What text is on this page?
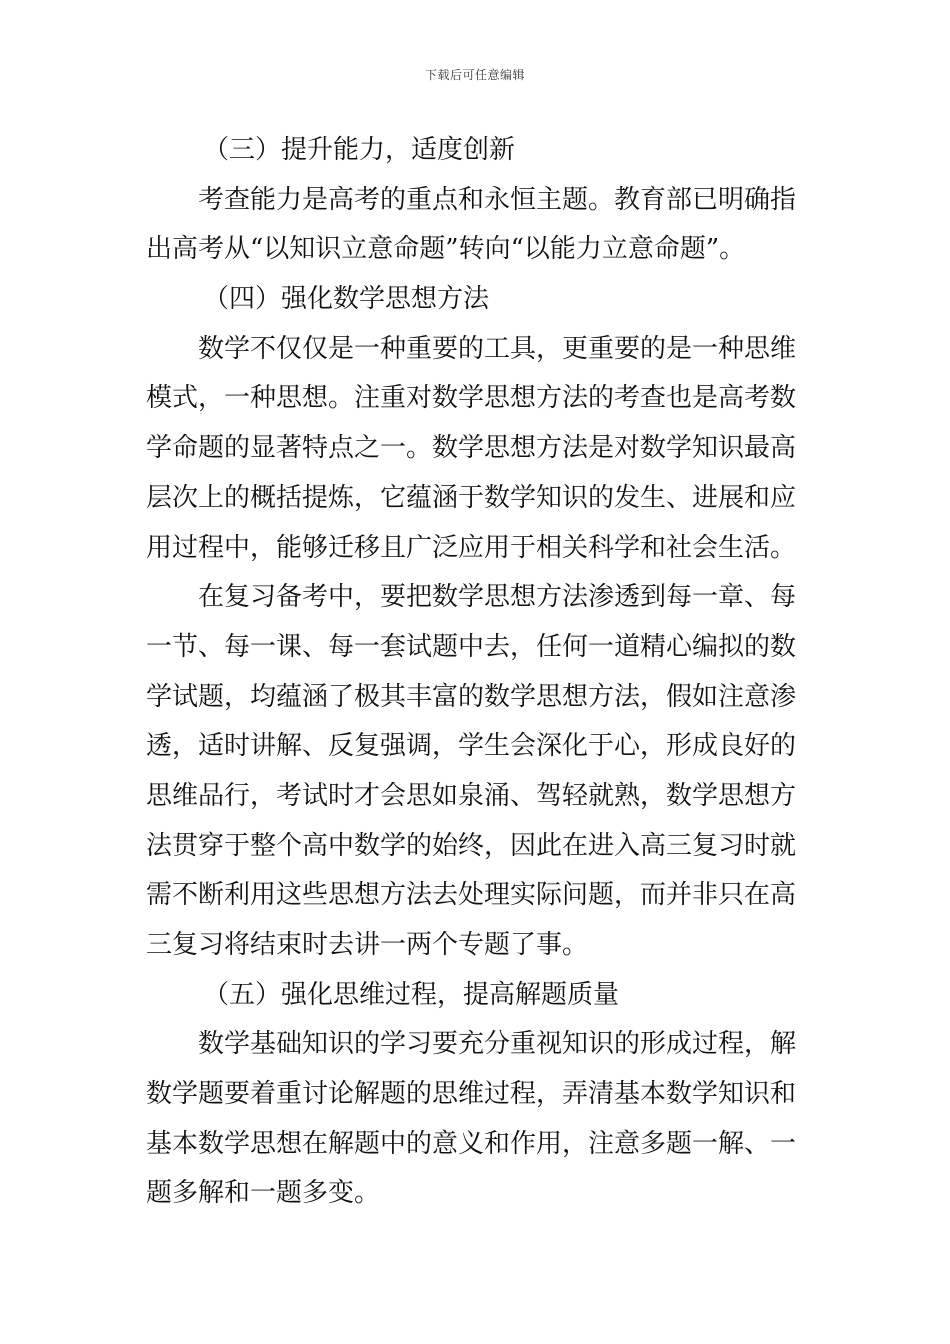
下载后可任意编辑
（三）提升能力，适度创新
考查能力是高考的重点和永恒主题。教育部已明确指
出高考从“以知识立意命题”转向“以能力立意命题”。
（四）强化数学思想方法
数学不仅仅是一种重要的工具，更重要的是一种思维
模式，一种思想。注重对数学思想方法的考查也是高考数
学命题的显著特点之一。数学思想方法是对数学知识最高
层次上的概括提炼，它蕴涵于数学知识的发生、进展和应
用过程中，能够迁移且广泛应用于相关科学和社会生活。
在复习备考中，要把数学思想方法渗透到每一章、每
一节、每一课、每一套试题中去，任何一道精心编拟的数
学试题，均蕴涵了极其丰富的数学思想方法，假如注意渗
透，适时讲解、反复强调，学生会深化于心，形成良好的
思维品行，考试时才会思如泉涌、驾轻就熟，数学思想方
法贯穿于整个高中数学的始终，因此在进入高三复习时就
需不断利用这些思想方法去处理实际问题，而并非只在高
三复习将结束时去讲一两个专题了事。
（五）强化思维过程，提高解题质量
数学基础知识的学习要充分重视知识的形成过程，解
数学题要着重讨论解题的思维过程，弄清基本数学知识和
基本数学思想在解题中的意义和作用，注意多题一解、一
题多解和一题多变。
